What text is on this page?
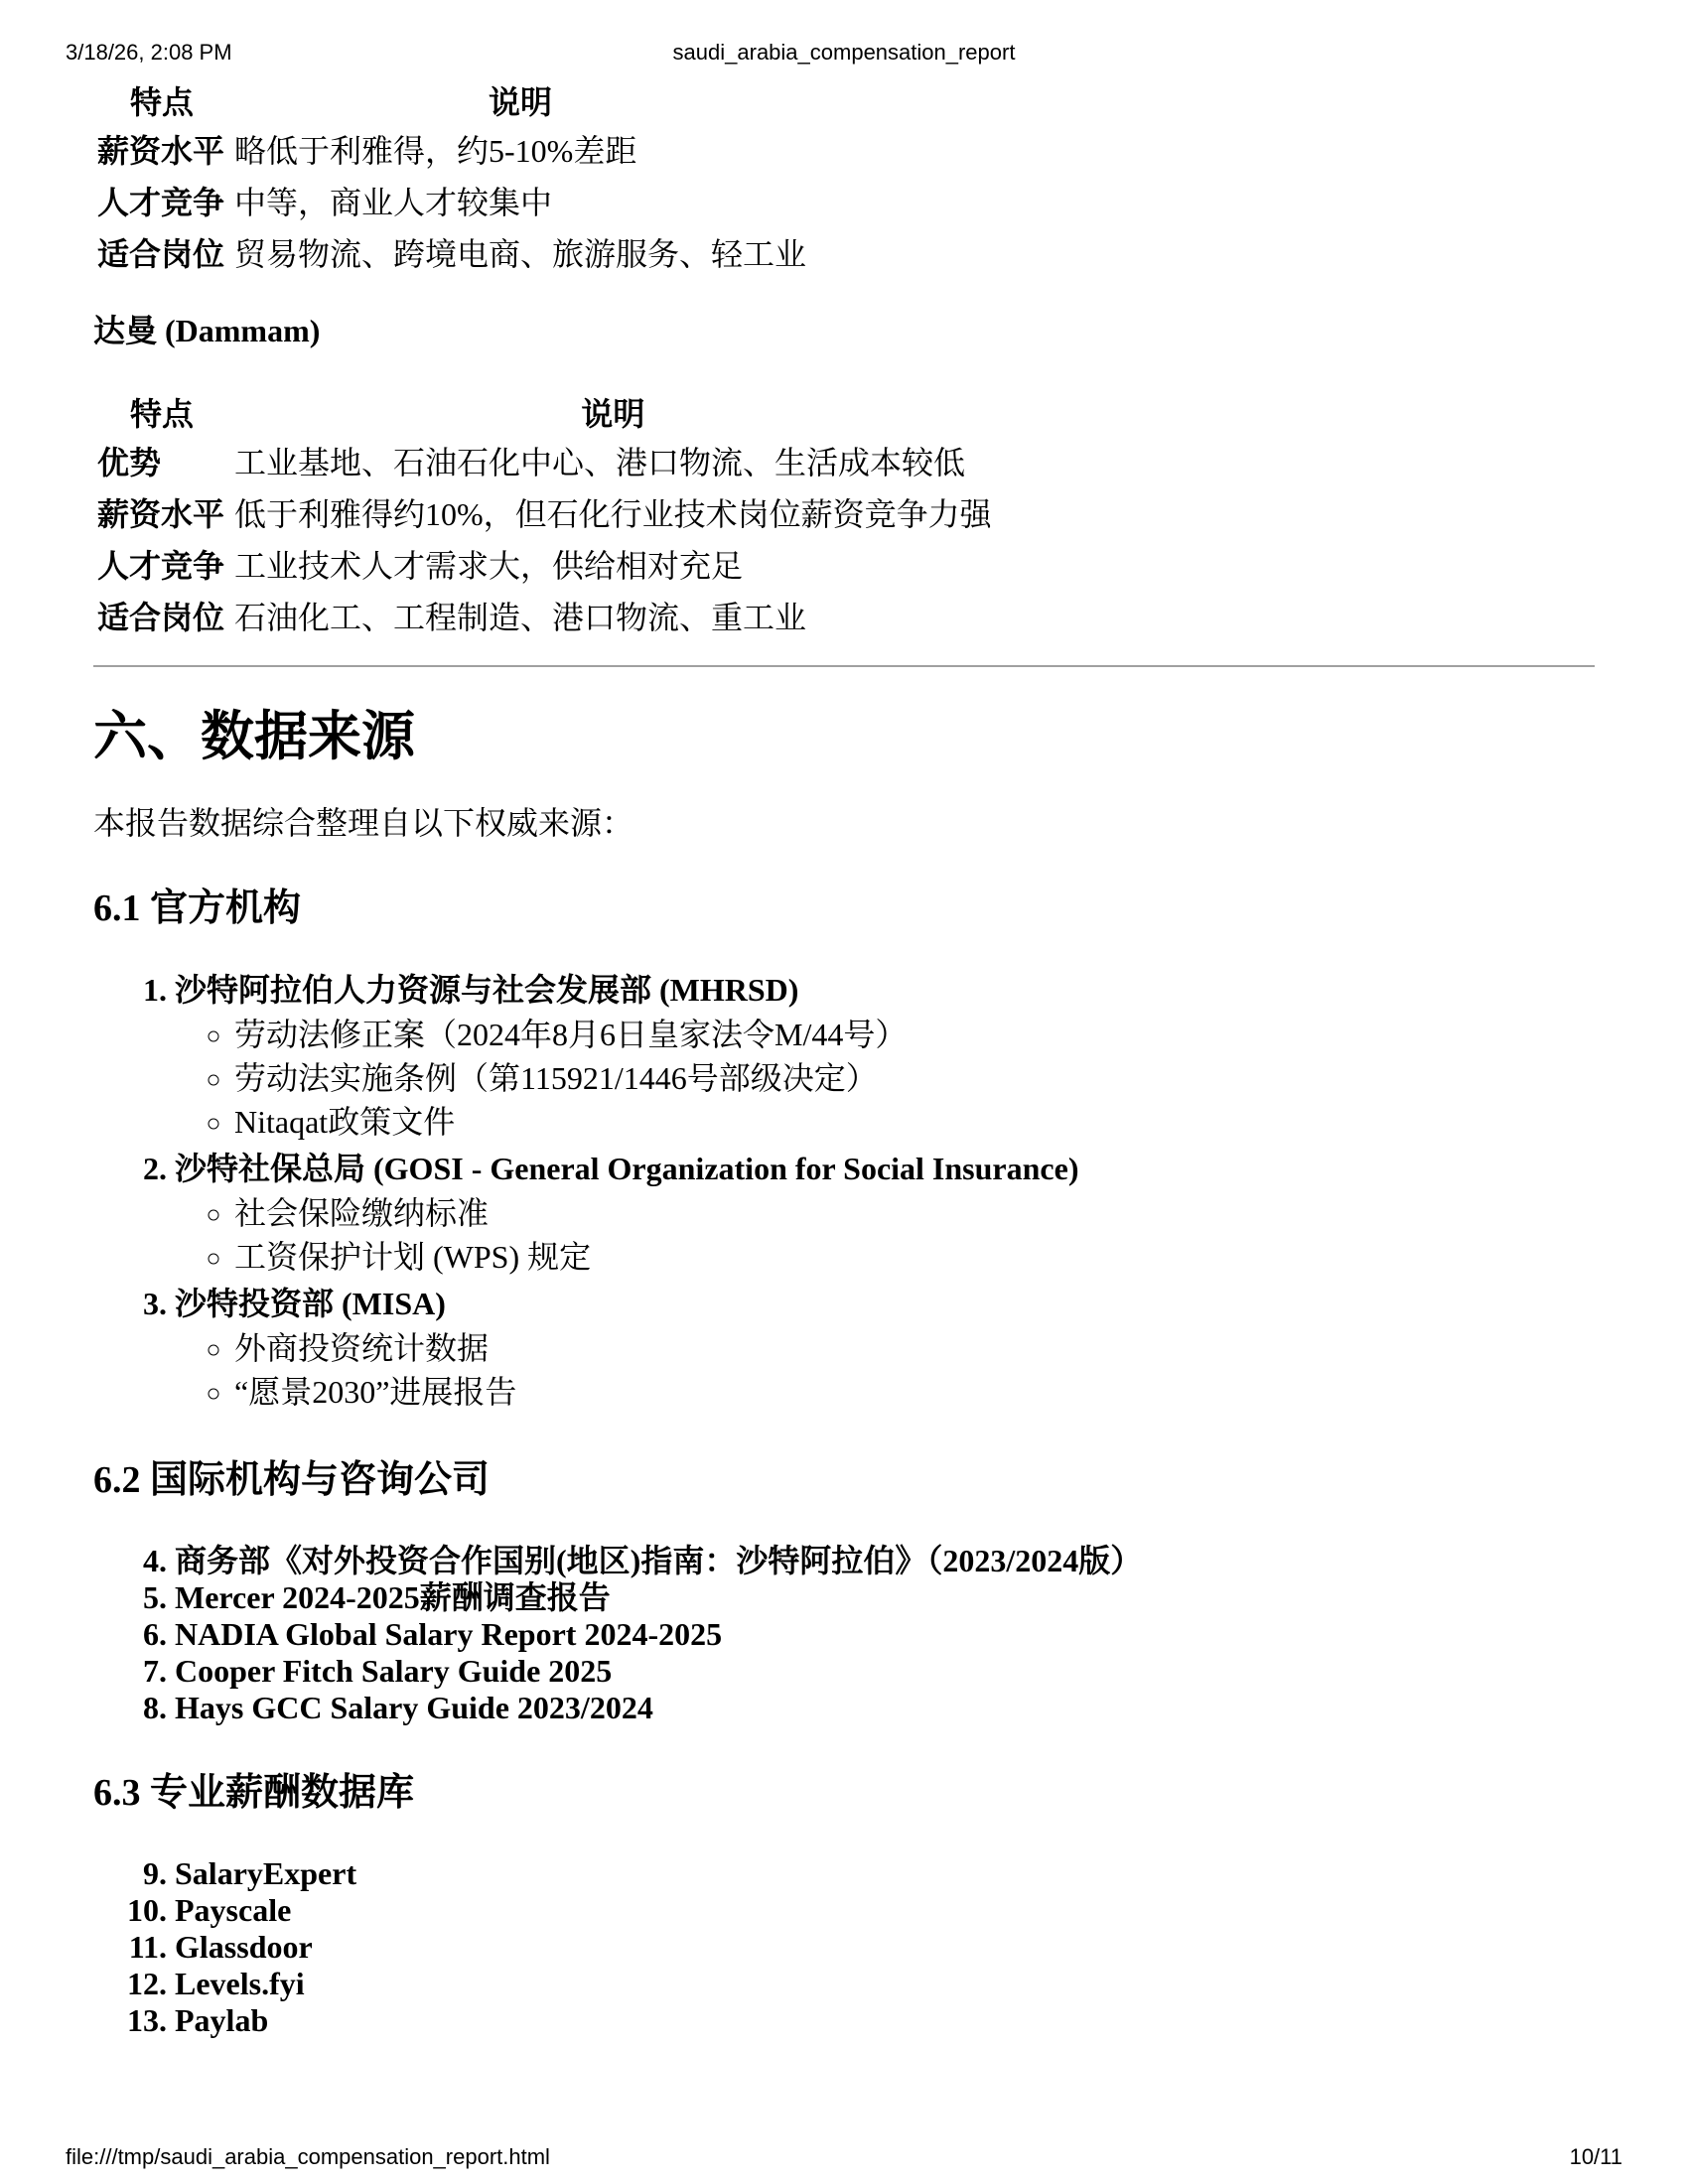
3/18/26, 2:08 PM	saudi_arabia_compensation_report
特点	说明
薪资水平	略低于利雅得，约5-10%差距
人才竞争	中等，商业人才较集中
适合岗位	贸易物流、跨境电商、旅游服务、轻工业
达曼 (Dammam)
特点	说明
优势	工业基地、石油石化中心、港口物流、生活成本较低
薪资水平	低于利雅得约10%，但石化行业技术岗位薪资竞争力强
人才竞争	工业技术人才需求大，供给相对充足
适合岗位	石油化工、工程制造、港口物流、重工业
六、数据来源

本报告数据综合整理自以下权威来源：

6.1 官方机构
1. 沙特阿拉伯人力资源与社会发展部 (MHRSD)
◦ 劳动法修正案（2024年8月6日皇家法令M/44号）
◦ 劳动法实施条例（第115921/1446号部级决定）
◦ Nitaqat政策文件
2. 沙特社保总局 (GOSI - General Organization for Social Insurance)
◦ 社会保险缴纳标准
◦ 工资保护计划 (WPS) 规定
3. 沙特投资部 (MISA)
◦ 外商投资统计数据
◦ “愿景2030”进展报告
6.2 国际机构与咨询公司
4. 商务部《对外投资合作国别(地区)指南：沙特阿拉伯》（2023/2024版）
5. Mercer 2024-2025薪酬调查报告
6. NADIA Global Salary Report 2024-2025
7. Cooper Fitch Salary Guide 2025
8. Hays GCC Salary Guide 2023/2024
6.3 专业薪酬数据库
9. SalaryExpert
10. Payscale
11. Glassdoor
12. Levels.fyi
13. Paylab
file:///tmp/saudi_arabia_compensation_report.html	10/11
